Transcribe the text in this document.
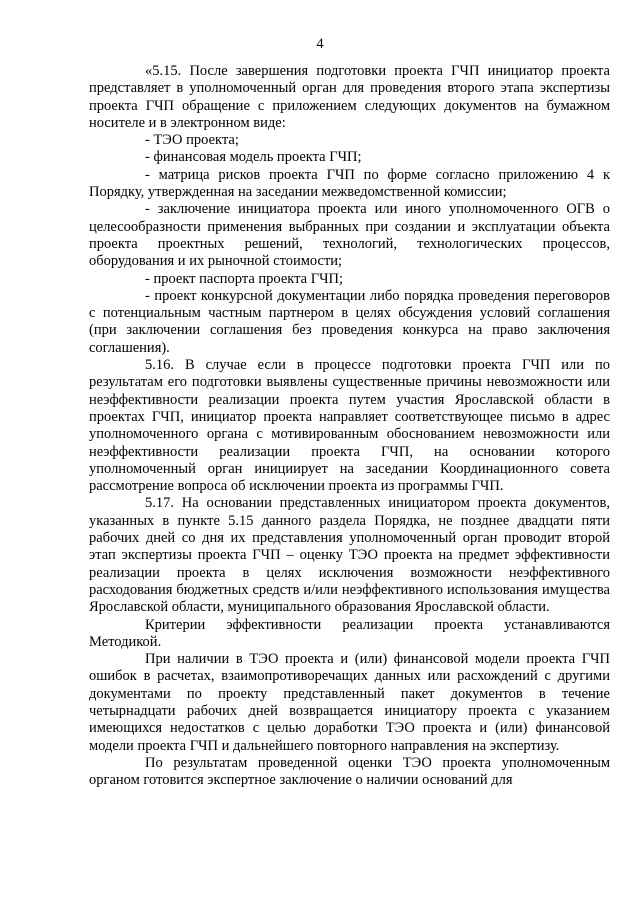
4

«5.15. После завершения подготовки проекта ГЧП инициатор проекта представляет в уполномоченный орган для проведения второго этапа экспертизы проекта ГЧП обращение с приложением следующих документов на бумажном носителе и в электронном виде:

- ТЭО проекта;

- финансовая модель проекта ГЧП;

- матрица рисков проекта ГЧП по форме согласно приложению 4 к Порядку, утвержденная на заседании межведомственной комиссии;

- заключение инициатора проекта или иного уполномоченного ОГВ о целесообразности применения выбранных при создании и эксплуатации объекта проекта проектных решений, технологий, технологических процессов, оборудования и их рыночной стоимости;

- проект паспорта проекта ГЧП;

- проект конкурсной документации либо порядка проведения переговоров с потенциальным частным партнером в целях обсуждения условий соглашения (при заключении соглашения без проведения конкурса на право заключения соглашения).

5.16. В случае если в процессе подготовки проекта ГЧП или по результатам его подготовки выявлены существенные причины невозможности или неэффективности реализации проекта путем участия Ярославской области в проектах ГЧП, инициатор проекта направляет соответствующее письмо в адрес уполномоченного органа с мотивированным обоснованием невозможности или неэффективности реализации проекта ГЧП, на основании которого уполномоченный орган инициирует на заседании Координационного совета рассмотрение вопроса об исключении проекта из программы ГЧП.

5.17. На основании представленных инициатором проекта документов, указанных в пункте 5.15 данного раздела Порядка, не позднее двадцати пяти рабочих дней со дня их представления уполномоченный орган проводит второй этап экспертизы проекта ГЧП – оценку ТЭО проекта на предмет эффективности реализации проекта в целях исключения возможности неэффективного расходования бюджетных средств и/или неэффективного использования имущества Ярославской области, муниципального образования Ярославской области.

Критерии эффективности реализации проекта устанавливаются Методикой.

При наличии в ТЭО проекта и (или) финансовой модели проекта ГЧП ошибок в расчетах, взаимопротиворечащих данных или расхождений с другими документами по проекту представленный пакет документов в течение четырнадцати рабочих дней возвращается инициатору проекта с указанием имеющихся недостатков с целью доработки ТЭО проекта и (или) финансовой модели проекта ГЧП и дальнейшего повторного направления на экспертизу.

По результатам проведенной оценки ТЭО проекта уполномоченным органом готовится экспертное заключение о наличии оснований для
